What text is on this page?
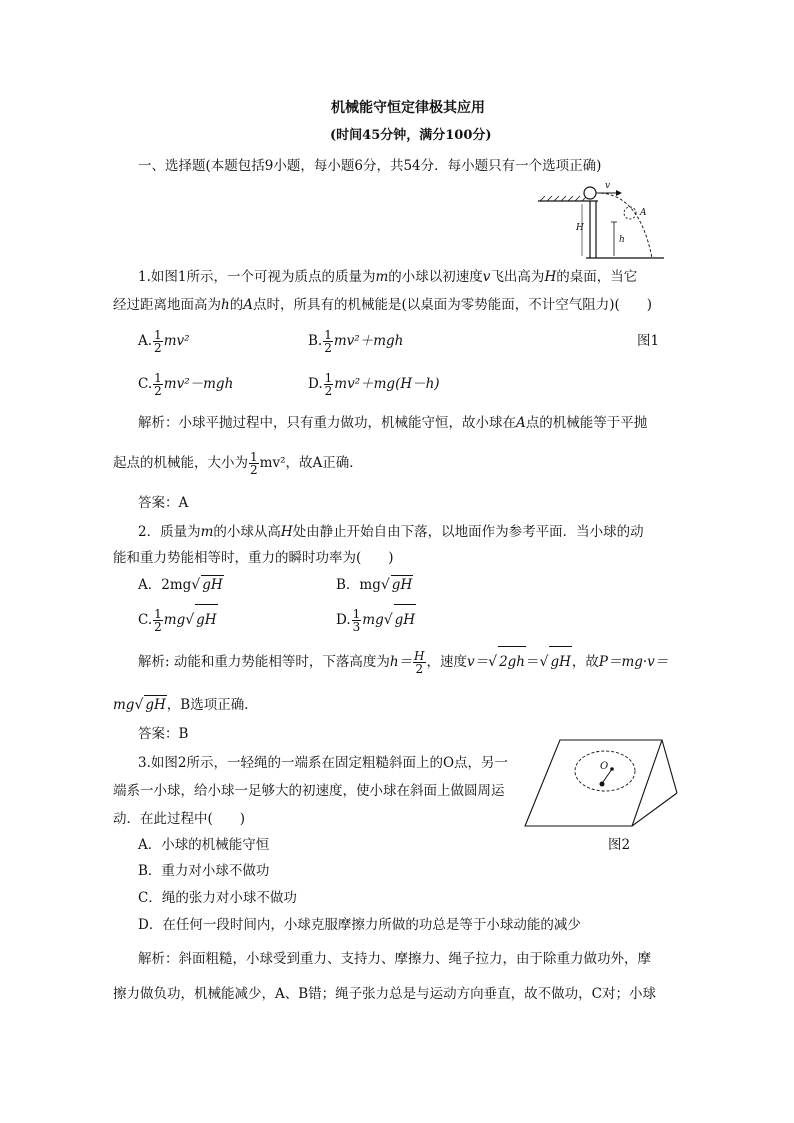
机械能守恒定律极其应用
(时间45分钟，满分100分)
一、选择题(本题包括9小题，每小题6分，共54分．每小题只有一个选项正确)
v
A
H
h
1.如图1所示，一个可视为质点的质量为m的小球以初速度v飞出高为H的桌面，当它
经过距离地面高为h的A点时，所具有的机械能是(以桌面为零势能面，不计空气阻力)(　　)
A. $\frac{1}{2} mv^2$	B. $\frac{1}{2} mv^2+mgh$	图1
C. $\frac{1}{2} mv^2-mgh$	D. $\frac{1}{2} mv^2+mg(H-h)$
解析：小球平抛过程中，只有重力做功，机械能守恒，故小球在A点的机械能等于平抛
起点的机械能，大小为 $\frac{1}{2} mv^2$，故A正确．
答案：A
2．质量为m的小球从高H处由静止开始自由下落，以地面作为参考平面．当小球的动
能和重力势能相等时，重力的瞬时功率为(　　)
A．2mg√ gH	B．mg√ gH
C. $\frac{1}{2} mg√$ gH	D. $\frac{1}{3} mg√$ gH
解析: 动能和重力势能相等时，下落高度为$h= \frac{H}{2}$ ，速度v＝√ 2gh＝√ gH，故P＝mg·v＝
mg√ gH，B选项正确．
答案：B
O
3.如图2所示，一轻绳的一端系在固定粗糙斜面上的O点，另一
端系一小球，给小球一足够大的初速度，使小球在斜面上做圆周运
动．在此过程中(　　)
A．小球的机械能守恒	图2
B．重力对小球不做功
C．绳的张力对小球不做功
D．在任何一段时间内，小球克服摩擦力所做的功总是等于小球动能的减少
解析：斜面粗糙，小球受到重力、支持力、摩擦力、绳子拉力，由于除重力做功外，摩
擦力做负功，机械能减少，A、B错；绳子张力总是与运动方向垂直，故不做功，C对；小球
